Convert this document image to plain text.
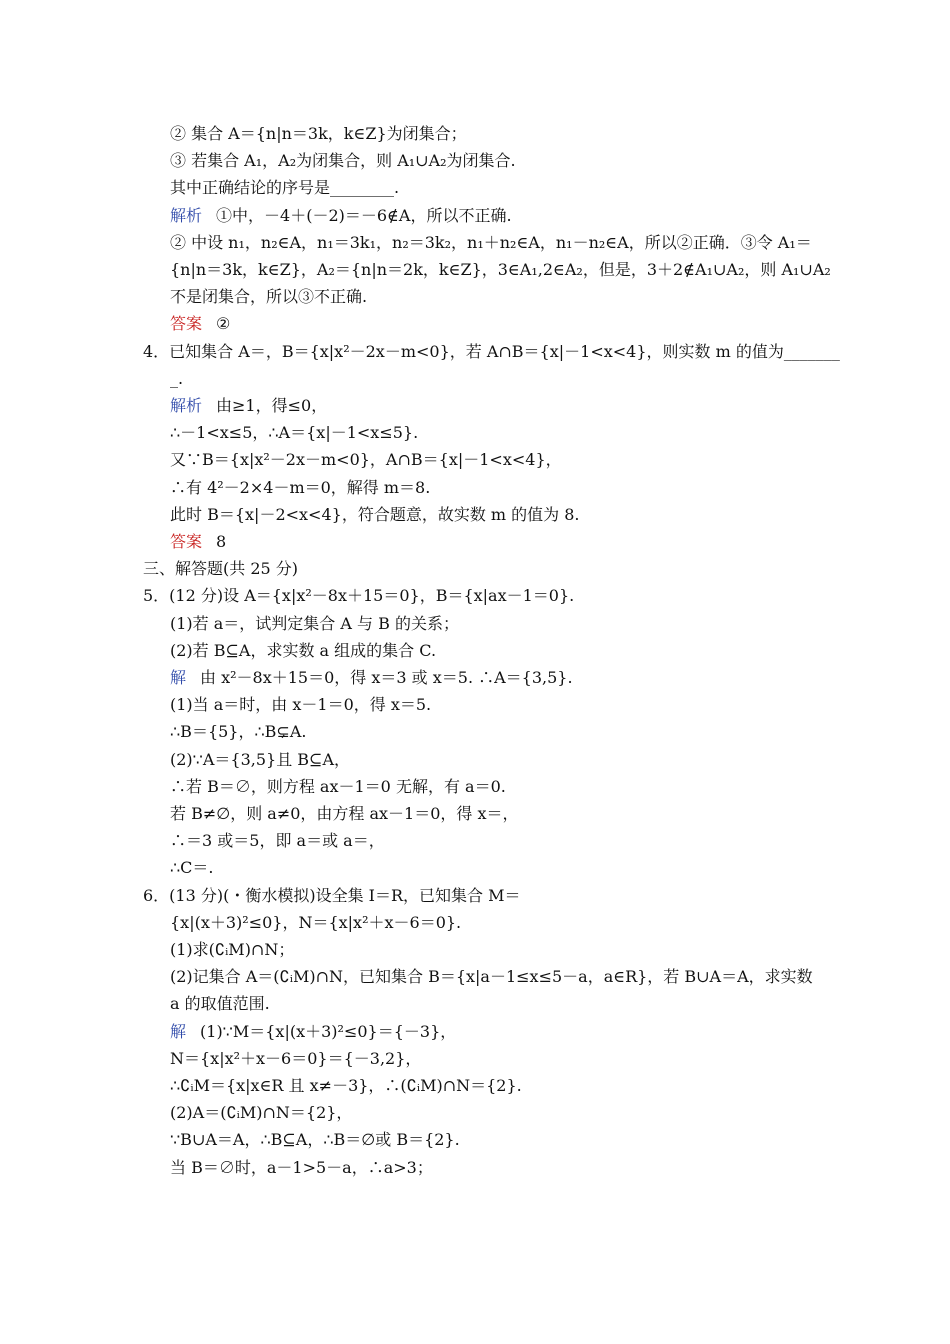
② 集合 A＝{n|n＝3k，k∈Z}为闭集合；
③ 若集合 A₁，A₂为闭集合，则 A₁∪A₂为闭集合.
其中正确结论的序号是________.
解析 ①中，－4＋(－2)＝－6∉A，所以不正确.
② 中设 n₁，n₂∈A，n₁＝3k₁，n₂＝3k₂，n₁＋n₂∈A，n₁－n₂∈A，所以②正确．③令 A₁＝
{n|n＝3k，k∈Z}，A₂＝{n|n＝2k，k∈Z}，3∈A₁,2∈A₂，但是，3＋2∉A₁∪A₂，则 A₁∪A₂
不是闭集合，所以③不正确.
答案 ②
4．已知集合 A＝，B＝{x|x²－2x－m<0}，若 A∩B＝{x|－1<x<4}，则实数 m 的值为_______
_.
解析 由≥1，得≤0，
∴－1<x≤5，∴A＝{x|－1<x≤5}.
又∵B＝{x|x²－2x－m<0}，A∩B＝{x|－1<x<4}，
∴有 4²－2×4－m＝0，解得 m＝8.
此时 B＝{x|－2<x<4}，符合题意，故实数 m 的值为 8.
答案 8
三、解答题(共 25 分)
5．(12 分)设 A＝{x|x²－8x＋15＝0}，B＝{x|ax－1＝0}.
(1)若 a＝，试判定集合 A 与 B 的关系；
(2)若 B⊆A，求实数 a 组成的集合 C.
解 由 x²－8x＋15＝0，得 x＝3 或 x＝5. ∴A＝{3,5}.
(1)当 a＝时，由 x－1＝0，得 x＝5.
∴B＝{5}，∴B⊊A.
(2)∵A＝{3,5}且 B⊆A，
∴若 B＝∅，则方程 ax－1＝0 无解，有 a＝0.
若 B≠∅，则 a≠0，由方程 ax－1＝0，得 x＝，
∴＝3 或＝5，即 a＝或 a＝，
∴C＝.
6．(13 分)(・衡水模拟)设全集 I＝R，已知集合 M＝
{x|(x＋3)²≤0}，N＝{x|x²＋x－6＝0}.
(1)求(∁ᵢM)∩N；
(2)记集合 A＝(∁ᵢM)∩N，已知集合 B＝{x|a－1≤x≤5－a，a∈R}，若 B∪A＝A，求实数
a 的取值范围.
解 (1)∵M＝{x|(x＋3)²≤0}＝{－3}，
N＝{x|x²＋x－6＝0}＝{－3,2}，
∴∁ᵢM＝{x|x∈R 且 x≠－3}，∴(∁ᵢM)∩N＝{2}.
(2)A＝(∁ᵢM)∩N＝{2}，
∵B∪A＝A，∴B⊆A，∴B＝∅或 B＝{2}.
当 B＝∅时，a－1>5－a，∴a>3；
